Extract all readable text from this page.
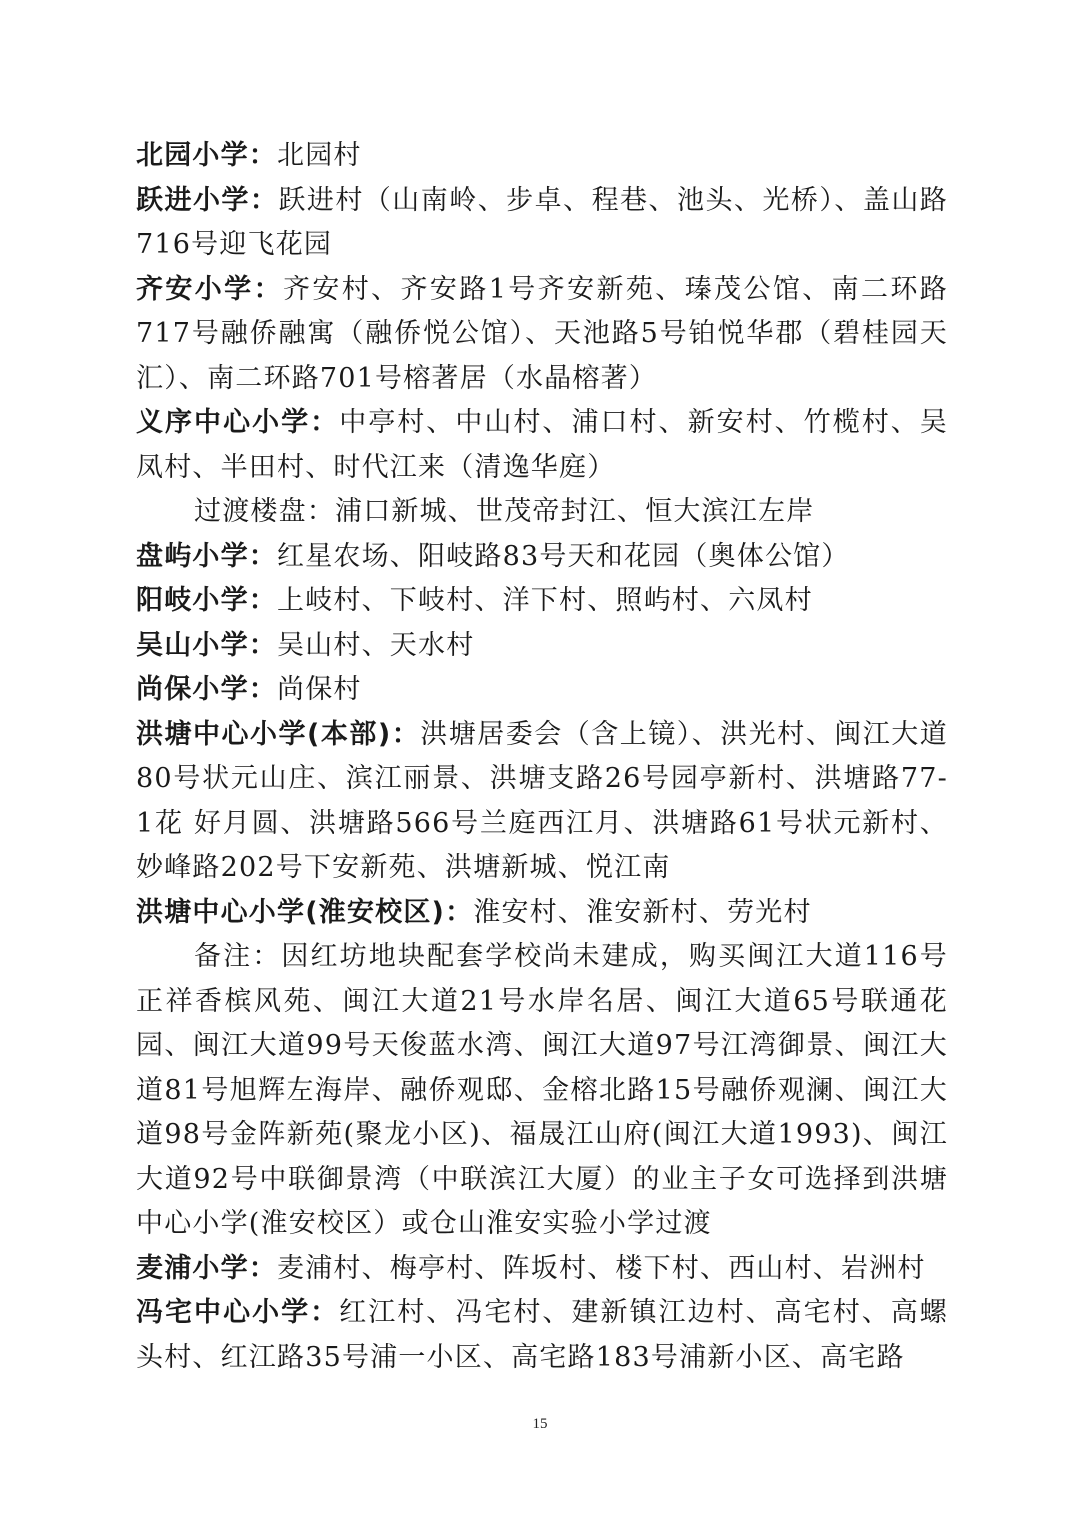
北园小学：北园村

跃进小学：跃进村（山南岭、步卓、程巷、池头、光桥）、盖山路716号迎飞花园

齐安小学：齐安村、齐安路1号齐安新苑、瑧茂公馆、南二环路717号融侨融寓（融侨悦公馆）、天池路5号铂悦华郡（碧桂园天汇）、南二环路701号榕著居（水晶榕著）

义序中心小学：中亭村、中山村、浦口村、新安村、竹榄村、吴凤村、半田村、时代江来（清逸华庭）

过渡楼盘：浦口新城、世茂帝封江、恒大滨江左岸

盘屿小学：红星农场、阳岐路83号天和花园（奥体公馆）

阳岐小学：上岐村、下岐村、洋下村、照屿村、六凤村

吴山小学：吴山村、天水村

尚保小学：尚保村

洪塘中心小学(本部)：洪塘居委会（含上镜）、洪光村、闽江大道80号状元山庄、滨江丽景、洪塘支路26号园亭新村、洪塘路77-1花 好月圆、洪塘路566号兰庭西江月、洪塘路61号状元新村、妙峰路202号下安新苑、洪塘新城、悦江南

洪塘中心小学(淮安校区)：淮安村、淮安新村、劳光村

备注：因红坊地块配套学校尚未建成，购买闽江大道116号正祥香槟风苑、闽江大道21号水岸名居、闽江大道65号联通花园、闽江大道99号天俊蓝水湾、闽江大道97号江湾御景、闽江大道81号旭辉左海岸、融侨观邸、金榕北路15号融侨观澜、闽江大道98号金阵新苑(聚龙小区)、福晟江山府(闽江大道1993)、闽江大道92号中联御景湾（中联滨江大厦）的业主子女可选择到洪塘中心小学(淮安校区）或仓山淮安实验小学过渡

麦浦小学：麦浦村、梅亭村、阵坂村、楼下村、西山村、岩洲村

冯宅中心小学：红江村、冯宅村、建新镇江边村、高宅村、高螺头村、红江路35号浦一小区、高宅路183号浦新小区、高宅路

15
